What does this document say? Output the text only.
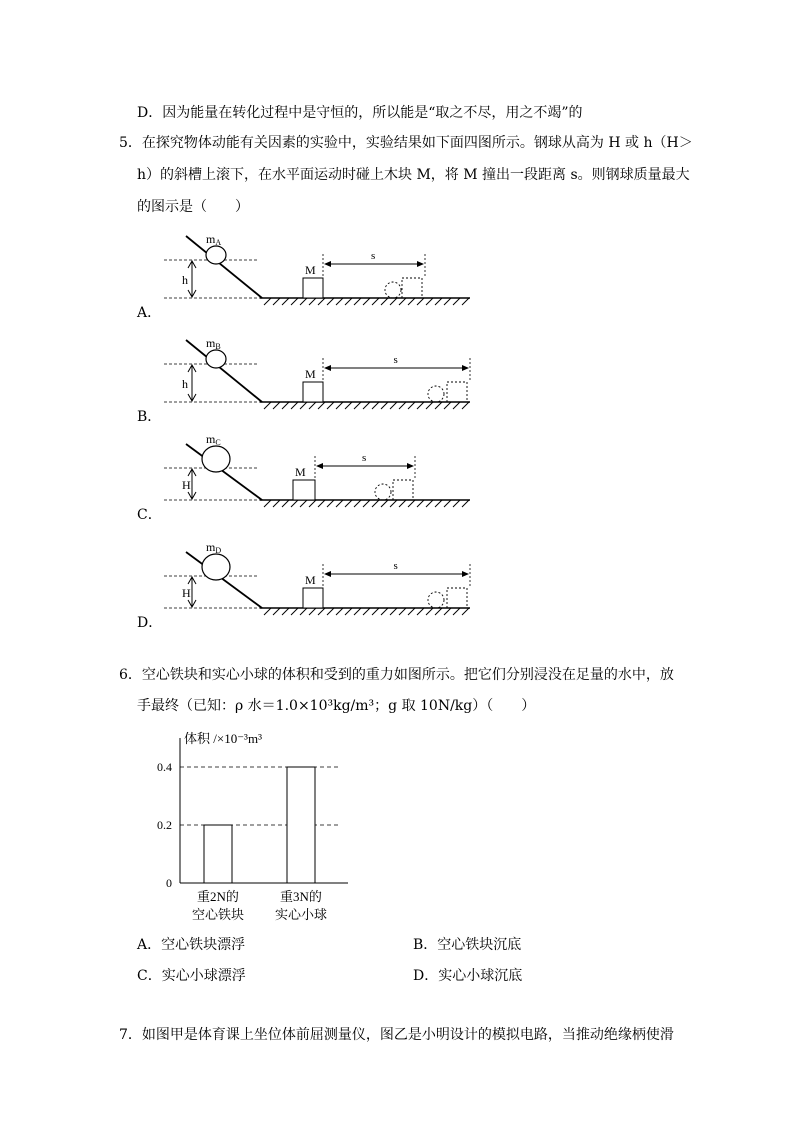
D．因为能量在转化过程中是守恒的，所以能是“取之不尽，用之不竭”的
5．在探究物体动能有关因素的实验中，实验结果如下面四图所示。钢球从高为 H 或 h（H＞
h）的斜槽上滚下，在水平面运动时碰上木块 M，将 M 撞出一段距离 s。则钢球质量最大
的图示是（　　）
h
mA
M
s
A．
h
mB
M
s
B．
H
mC
M
s
C．
H
mD
M
s
D．
6．空心铁块和实心小球的体积和受到的重力如图所示。把它们分别浸没在足量的水中，放
手最终（已知：ρ 水＝1.0×10³kg/m³；g 取 10N/kg）（　　）
体积 /×10⁻³m³
0
0.2
0.4
重2N的
空心铁块
重3N的
实心小球
A．空心铁块漂浮	B．空心铁块沉底
C．实心小球漂浮	D．实心小球沉底
7．如图甲是体育课上坐位体前屈测量仪，图乙是小明设计的模拟电路，当推动绝缘柄使滑
